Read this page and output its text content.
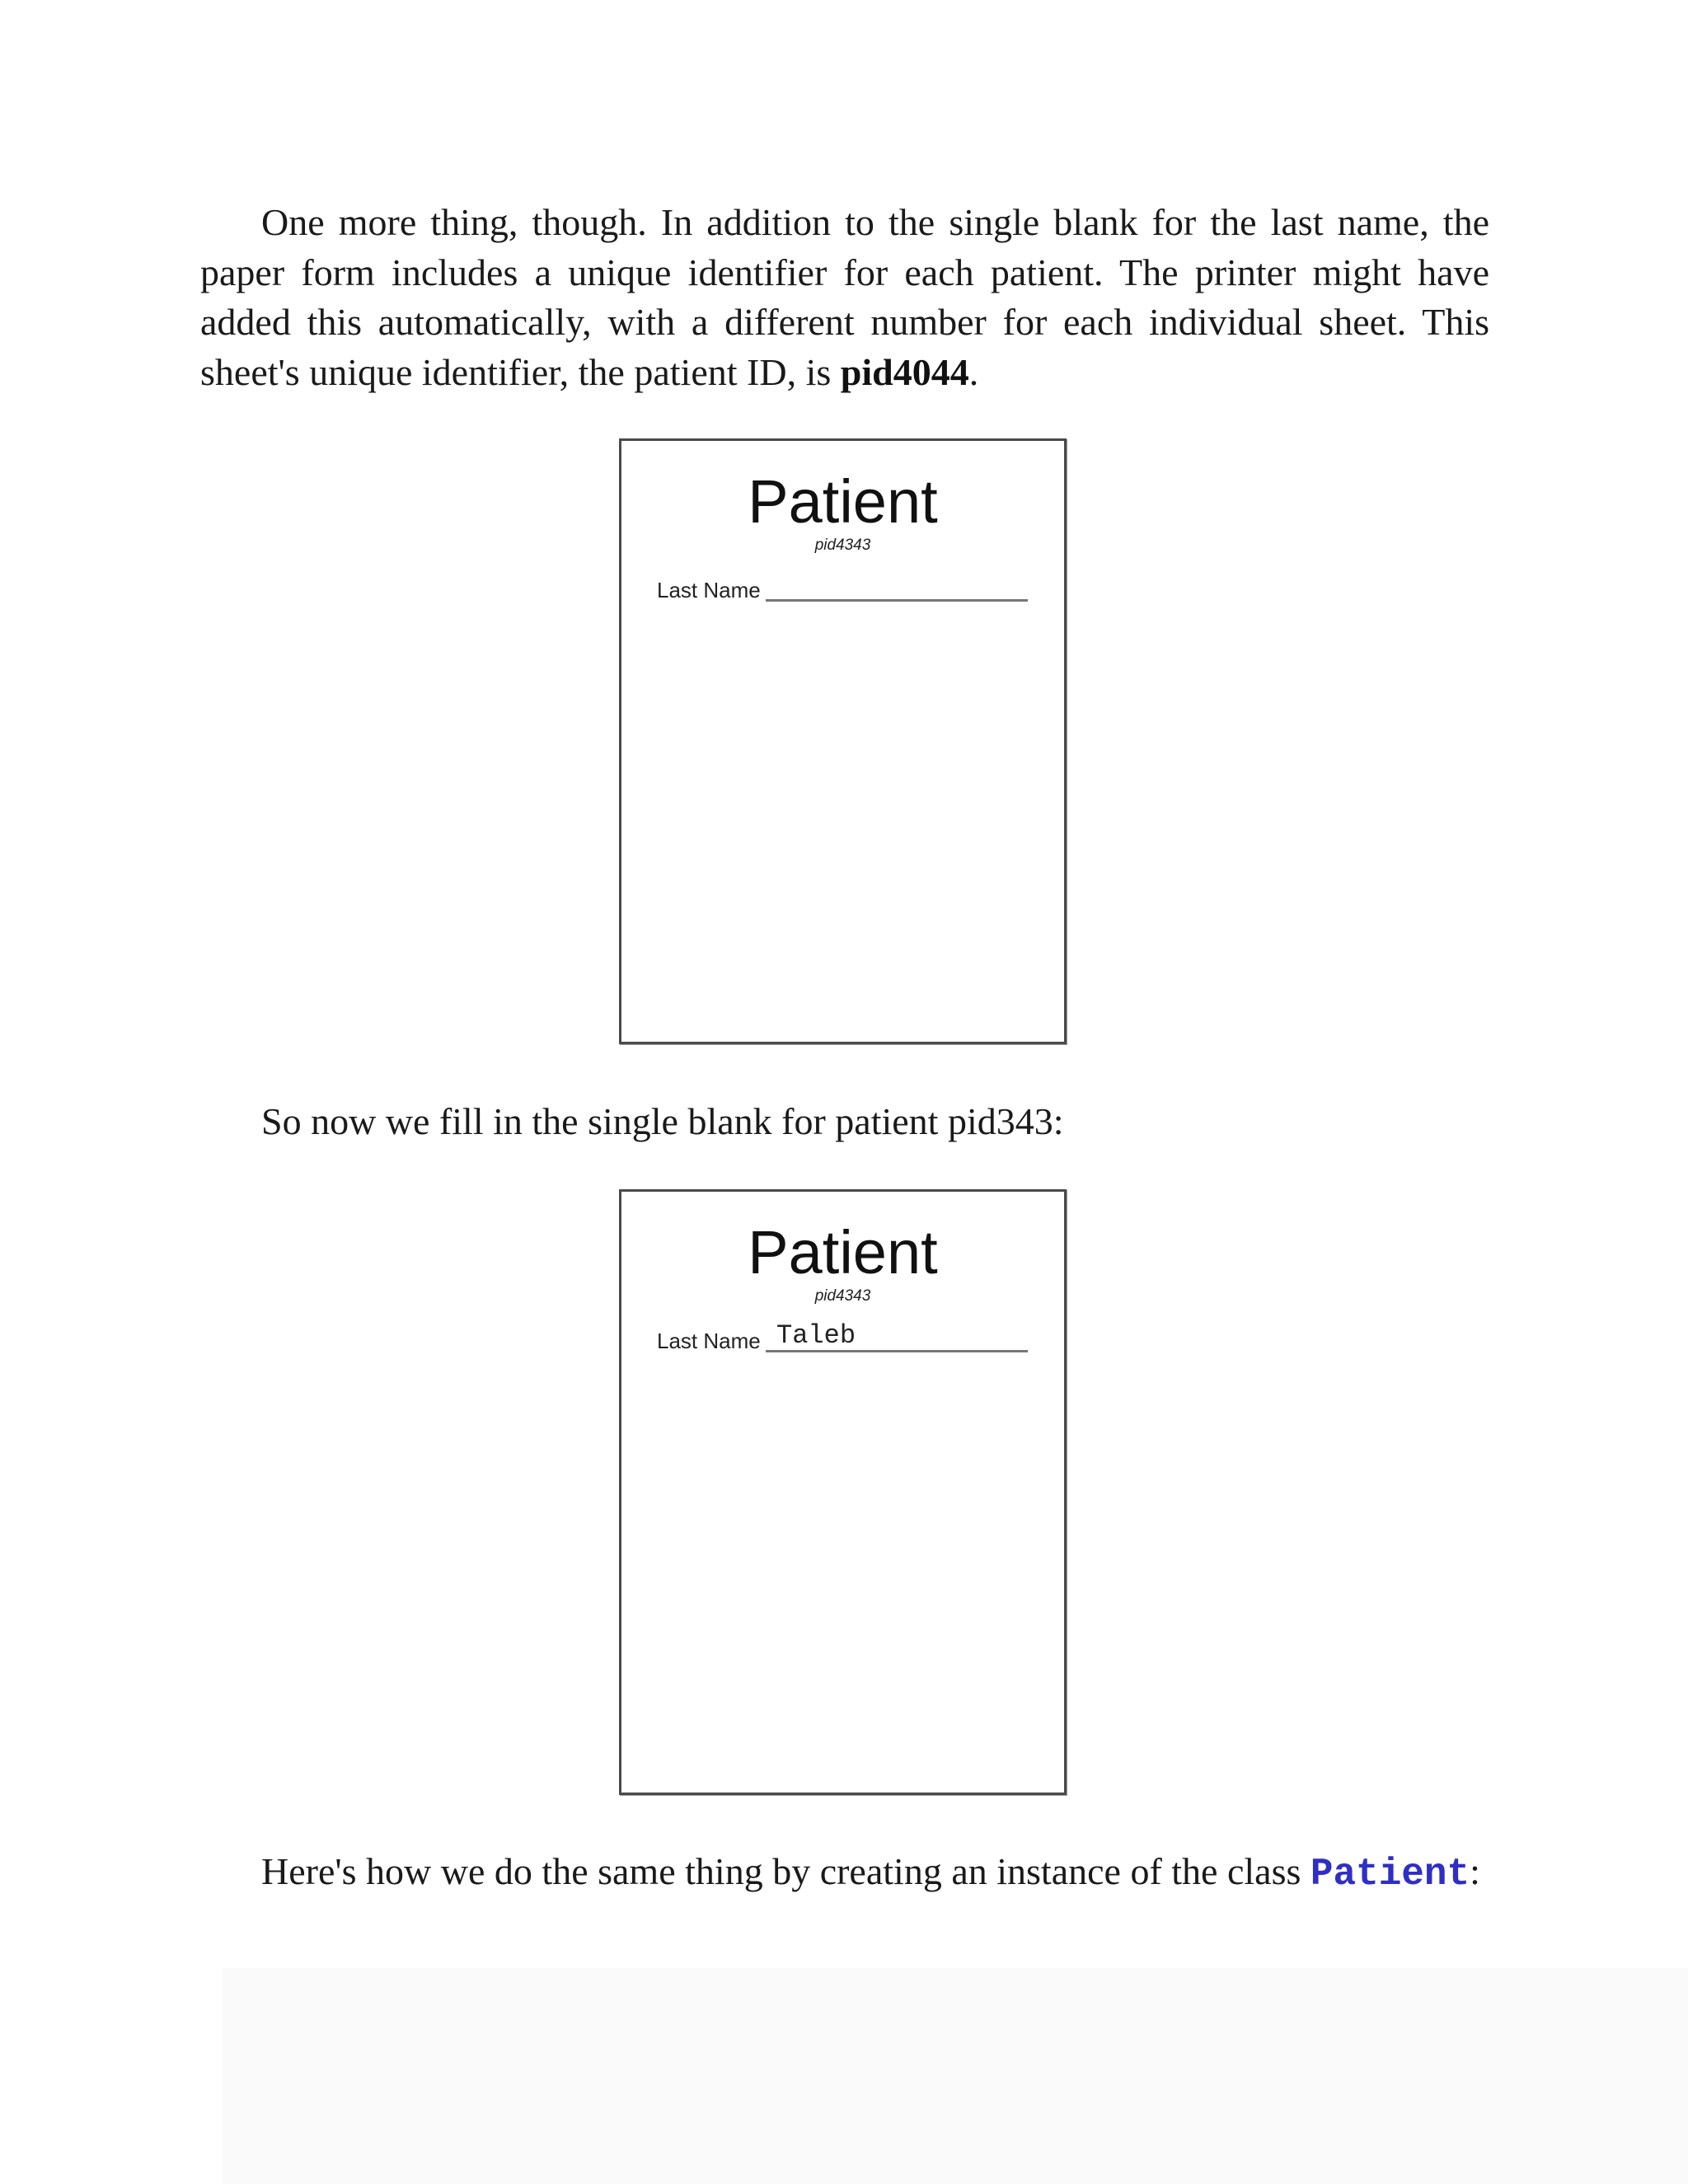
One more thing, though. In addition to the single blank for the last name, the paper form includes a unique identifier for each patient. The printer might have added this automatically, with a different number for each individual sheet. This sheet's unique identifier, the patient ID, is pid4044.

Patient
pid4343
Last Name

So now we fill in the single blank for patient pid343:

Patient
pid4343
Last Name Taleb

Here's how we do the same thing by creating an instance of the class Patient:
